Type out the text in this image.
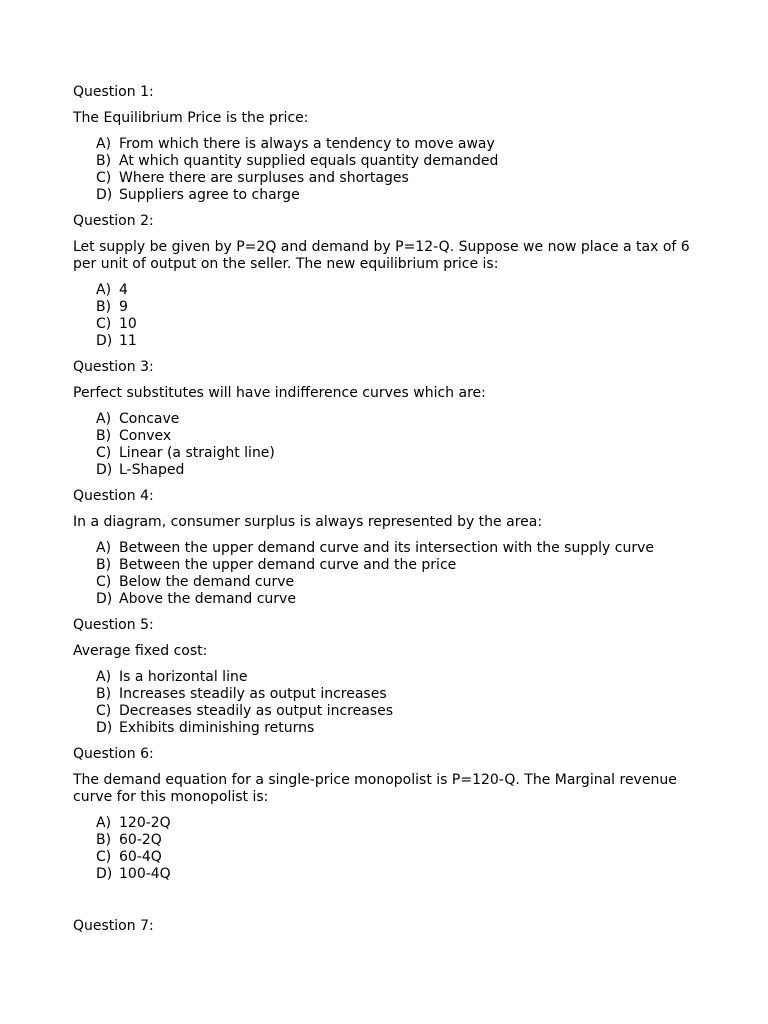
Question 1:

The Equilibrium Price is the price:

A) From which there is always a tendency to move away
B) At which quantity supplied equals quantity demanded
C) Where there are surpluses and shortages
D) Suppliers agree to charge

Question 2:

Let supply be given by P=2Q and demand by P=12-Q. Suppose we now place a tax of 6 per unit of output on the seller. The new equilibrium price is:

A) 4
B) 9
C) 10
D) 11

Question 3:

Perfect substitutes will have indifference curves which are:

A) Concave
B) Convex
C) Linear (a straight line)
D) L-Shaped

Question 4:

In a diagram, consumer surplus is always represented by the area:

A) Between the upper demand curve and its intersection with the supply curve
B) Between the upper demand curve and the price
C) Below the demand curve
D) Above the demand curve

Question 5:

Average fixed cost:

A) Is a horizontal line
B) Increases steadily as output increases
C) Decreases steadily as output increases
D) Exhibits diminishing returns

Question 6:

The demand equation for a single-price monopolist is P=120-Q. The Marginal revenue curve for this monopolist is:

A) 120-2Q
B) 60-2Q
C) 60-4Q
D) 100-4Q

Question 7:
